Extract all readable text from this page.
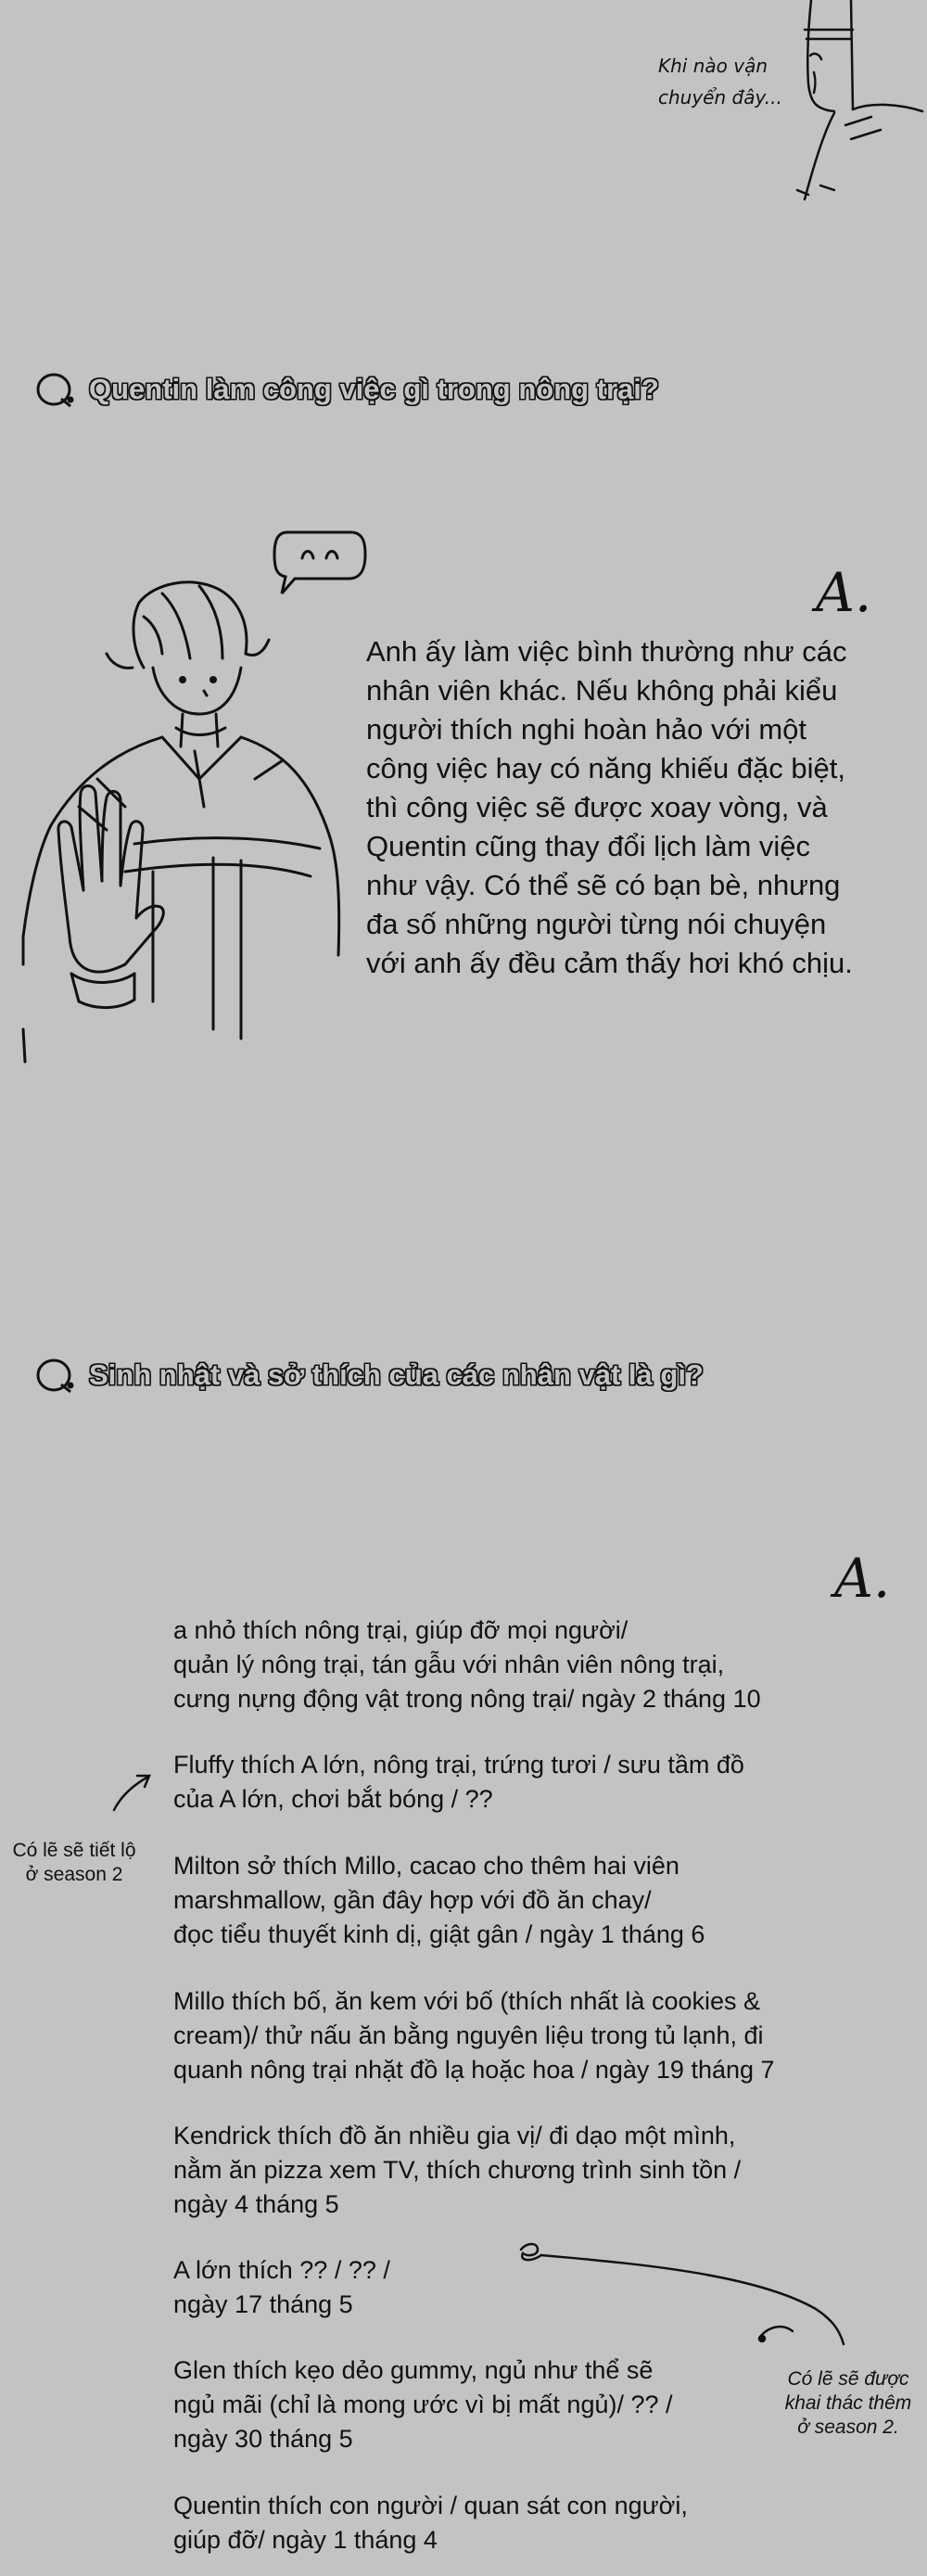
Khi nào vận
chuyển đây...
Quentin làm công việc gì trong nông trại?
A.
Anh ấy làm việc bình thường như các
nhân viên khác. Nếu không phải kiểu
người thích nghi hoàn hảo với một
công việc hay có năng khiếu đặc biệt,
thì công việc sẽ được xoay vòng, và
Quentin cũng thay đổi lịch làm việc
như vậy. Có thể sẽ có bạn bè, nhưng
đa số những người từng nói chuyện
với anh ấy đều cảm thấy hơi khó chịu.
Sinh nhật và sở thích của các nhân vật là gì?
A.
a nhỏ thích nông trại, giúp đỡ mọi người/
quản lý nông trại, tán gẫu với nhân viên nông trại,
cưng nựng động vật trong nông trại/ ngày 2 tháng 10
Fluffy thích A lớn, nông trại, trứng tươi / sưu tầm đồ
của A lớn, chơi bắt bóng / ??
Milton sở thích Millo, cacao cho thêm hai viên
marshmallow, gần đây hợp với đồ ăn chay/
đọc tiểu thuyết kinh dị, giật gân / ngày 1 tháng 6
Millo thích bố, ăn kem với bố (thích nhất là cookies &
cream)/ thử nấu ăn bằng nguyên liệu trong tủ lạnh, đi
quanh nông trại nhặt đồ lạ hoặc hoa / ngày 19 tháng 7
Kendrick thích đồ ăn nhiều gia vị/ đi dạo một mình,
nằm ăn pizza xem TV, thích chương trình sinh tồn /
ngày 4 tháng 5
A lớn thích ?? / ?? /
ngày 17 tháng 5
Glen thích kẹo dẻo gummy, ngủ như thể sẽ
ngủ mãi (chỉ là mong ước vì bị mất ngủ)/ ?? /
ngày 30 tháng 5
Quentin thích con người / quan sát con người,
giúp đỡ/ ngày 1 tháng 4
Có lẽ sẽ tiết lộ
ở season 2
Có lẽ sẽ được
khai thác thêm
ở season 2.
